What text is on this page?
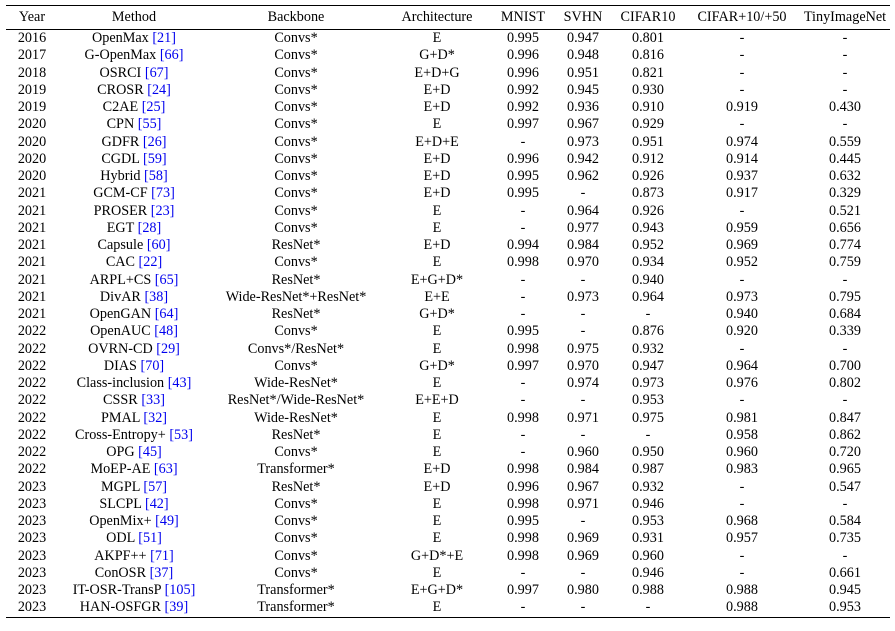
Year	Method	Backbone	Architecture	MNIST	SVHN	CIFAR10	CIFAR+10/+50	TinyImageNet
2016	OpenMax [21]	Convs*	E	0.995	0.947	0.801	-	-
2017	G-OpenMax [66]	Convs*	G+D*	0.996	0.948	0.816	-	-
2018	OSRCI [67]	Convs*	E+D+G	0.996	0.951	0.821	-	-
2019	CROSR [24]	Convs*	E+D	0.992	0.945	0.930	-	-
2019	C2AE [25]	Convs*	E+D	0.992	0.936	0.910	0.919	0.430
2020	CPN [55]	Convs*	E	0.997	0.967	0.929	-	-
2020	GDFR [26]	Convs*	E+D+E	-	0.973	0.951	0.974	0.559
2020	CGDL [59]	Convs*	E+D	0.996	0.942	0.912	0.914	0.445
2020	Hybrid [58]	Convs*	E+D	0.995	0.962	0.926	0.937	0.632
2021	GCM-CF [73]	Convs*	E+D	0.995	-	0.873	0.917	0.329
2021	PROSER [23]	Convs*	E	-	0.964	0.926	-	0.521
2021	EGT [28]	Convs*	E	-	0.977	0.943	0.959	0.656
2021	Capsule [60]	ResNet*	E+D	0.994	0.984	0.952	0.969	0.774
2021	CAC [22]	Convs*	E	0.998	0.970	0.934	0.952	0.759
2021	ARPL+CS [65]	ResNet*	E+G+D*	-	-	0.940	-	-
2021	DivAR [38]	Wide-ResNet*+ResNet*	E+E	-	0.973	0.964	0.973	0.795
2021	OpenGAN [64]	ResNet*	G+D*	-	-	-	0.940	0.684
2022	OpenAUC [48]	Convs*	E	0.995	-	0.876	0.920	0.339
2022	OVRN-CD [29]	Convs*/ResNet*	E	0.998	0.975	0.932	-	-
2022	DIAS [70]	Convs*	G+D*	0.997	0.970	0.947	0.964	0.700
2022	Class-inclusion [43]	Wide-ResNet*	E	-	0.974	0.973	0.976	0.802
2022	CSSR [33]	ResNet*/Wide-ResNet*	E+E+D	-	-	0.953	-	-
2022	PMAL [32]	Wide-ResNet*	E	0.998	0.971	0.975	0.981	0.847
2022	Cross-Entropy+ [53]	ResNet*	E	-	-	-	0.958	0.862
2022	OPG [45]	Convs*	E	-	0.960	0.950	0.960	0.720
2022	MoEP-AE [63]	Transformer*	E+D	0.998	0.984	0.987	0.983	0.965
2023	MGPL [57]	ResNet*	E+D	0.996	0.967	0.932	-	0.547
2023	SLCPL [42]	Convs*	E	0.998	0.971	0.946	-	-
2023	OpenMix+ [49]	Convs*	E	0.995	-	0.953	0.968	0.584
2023	ODL [51]	Convs*	E	0.998	0.969	0.931	0.957	0.735
2023	AKPF++ [71]	Convs*	G+D*+E	0.998	0.969	0.960	-	-
2023	ConOSR [37]	Convs*	E	-	-	0.946	-	0.661
2023	IT-OSR-TransP [105]	Transformer*	E+G+D*	0.997	0.980	0.988	0.988	0.945
2023	HAN-OSFGR [39]	Transformer*	E	-	-	-	0.988	0.953
